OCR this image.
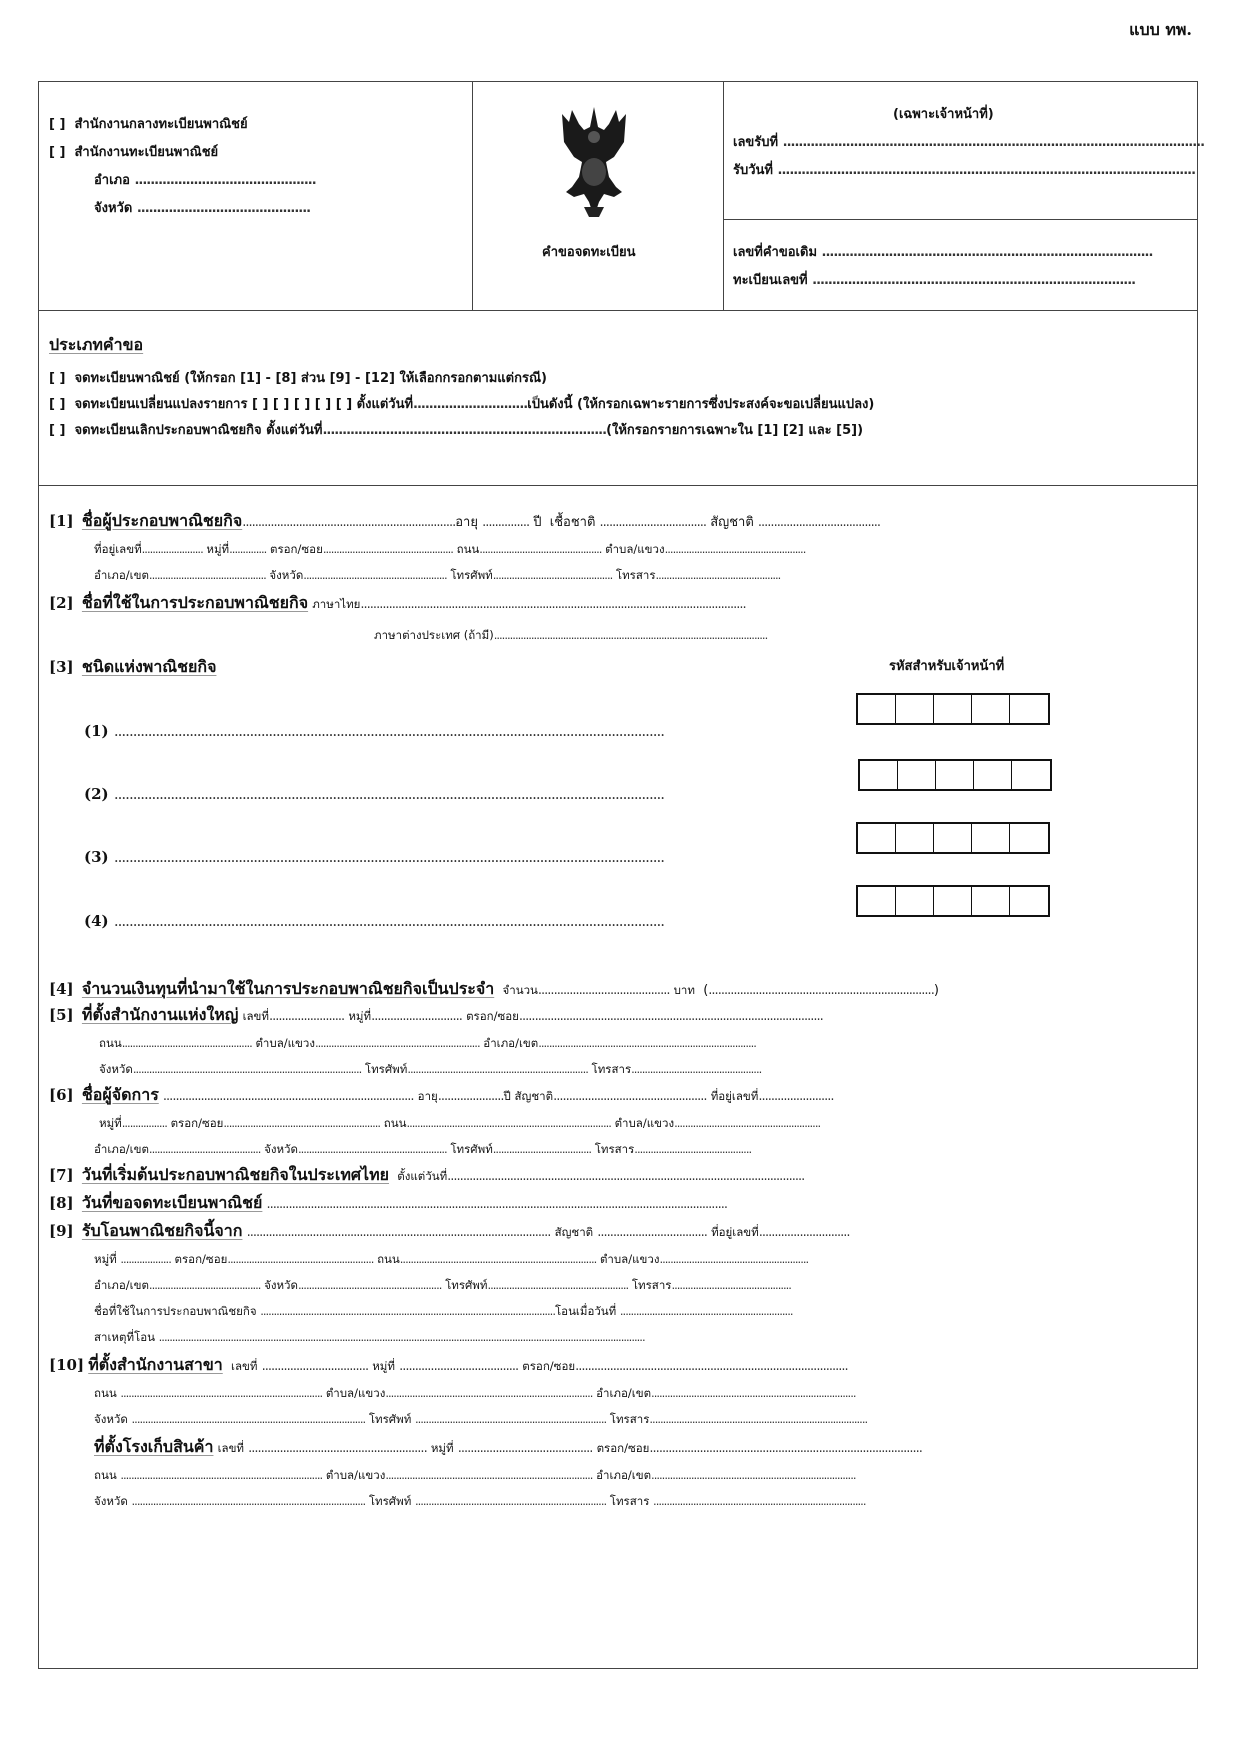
แบบ ทพ.
[ ] สำนักงานกลางทะเบียนพาณิชย์
[ ] สำนักงานทะเบียนพาณิชย์
อำเภอ ..............................................
จังหวัด ............................................
คำขอจดทะเบียน
(เฉพาะเจ้าหน้าที่)
เลขรับที่ ...........................................................................................................
รับวันที่ ..........................................................................................................
เลขที่คำขอเดิม ....................................................................................
ทะเบียนเลขที่ ..................................................................................
ประเภทคำขอ
[ ] จดทะเบียนพาณิชย์ (ให้กรอก [1] - [8] ส่วน [9] - [12] ให้เลือกกรอกตามแต่กรณี)
[ ] จดทะเบียนเปลี่ยนแปลงรายการ [ ] [ ] [ ] [ ] [ ] ตั้งแต่วันที่.............................เป็นดังนี้ (ให้กรอกเฉพาะรายการซึ่งประสงค์จะขอเปลี่ยนแปลง)
[ ] จดทะเบียนเลิกประกอบพาณิชยกิจ ตั้งแต่วันที่........................................................................(ให้กรอกรายการเฉพาะใน [1] [2] และ [5])
[1] ชื่อผู้ประกอบพาณิชยกิจ....................................................................อายุ ............... ปี เชื้อชาติ .................................. สัญชาติ .......................................
ที่อยู่เลขที่....................... หมู่ที่.............. ตรอก/ซอย................................................. ถนน.............................................. ตำบล/แขวง.....................................................
อำเภอ/เขต............................................ จังหวัด...................................................... โทรศัพท์............................................. โทรสาร...............................................
[2] ชื่อที่ใช้ในการประกอบพาณิชยกิจ ภาษาไทย...........................................................................................................................
ภาษาต่างประเทศ (ถ้ามี).......................................................................................................
[3] ชนิดแห่งพาณิชยกิจ	รหัสสำหรับเจ้าหน้าที่
(1) ..................................................................................................................................................
(2) ..................................................................................................................................................
(3) ..................................................................................................................................................
(4) ..................................................................................................................................................
[4] จำนวนเงินทุนที่นำมาใช้ในการประกอบพาณิชยกิจเป็นประจำ จำนวน.......................................... บาท  (........................................................................)
[5] ที่ตั้งสำนักงานแห่งใหญ่ เลขที่........................ หมู่ที่............................. ตรอก/ซอย.................................................................................................
ถนน................................................. ตำบล/แขวง.............................................................. อำเภอ/เขต..................................................................................
จังหวัด...................................................................................... โทรศัพท์.................................................................... โทรสาร.................................................
[6] ชื่อผู้จัดการ ................................................................................ อายุ.....................ปี สัญชาติ................................................. ที่อยู่เลขที่........................
หมู่ที่................. ตรอก/ซอย........................................................... ถนน............................................................................. ตำบล/แขวง.......................................................
อำเภอ/เขต.......................................... จังหวัด........................................................ โทรศัพท์..................................... โทรสาร............................................
[7] วันที่เริ่มต้นประกอบพาณิชยกิจในประเทศไทย ตั้งแต่วันที่..................................................................................................................
[8] วันที่ขอจดทะเบียนพาณิชย์ ...................................................................................................................................................
[9] รับโอนพาณิชยกิจนี้จาก ................................................................................................. สัญชาติ ................................... ที่อยู่เลขที่.............................
หมู่ที่ ................... ตรอก/ซอย....................................................... ถนน.......................................................................... ตำบล/แขวง........................................................
อำเภอ/เขต.......................................... จังหวัด...................................................... โทรศัพท์..................................................... โทรสาร.............................................
ชื่อที่ใช้ในการประกอบพาณิชยกิจ ...............................................................................................................โอนเมื่อวันที่ .................................................................
สาเหตุที่โอน .......................................................................................................................................................................................
[10] ที่ตั้งสำนักงานสาขา เลขที่ .................................. หมู่ที่ ...................................... ตรอก/ซอย.......................................................................................
ถนน ............................................................................ ตำบล/แขวง.............................................................................. อำเภอ/เขต.............................................................................
จังหวัด ........................................................................................ โทรศัพท์ ........................................................................ โทรสาร..................................................................................
ที่ตั้งโรงเก็บสินค้า เลขที่ ......................................................... หมู่ที่ ........................................... ตรอก/ซอย.......................................................................................
ถนน ............................................................................ ตำบล/แขวง.............................................................................. อำเภอ/เขต.............................................................................
จังหวัด ........................................................................................ โทรศัพท์ ........................................................................ โทรสาร ................................................................................
